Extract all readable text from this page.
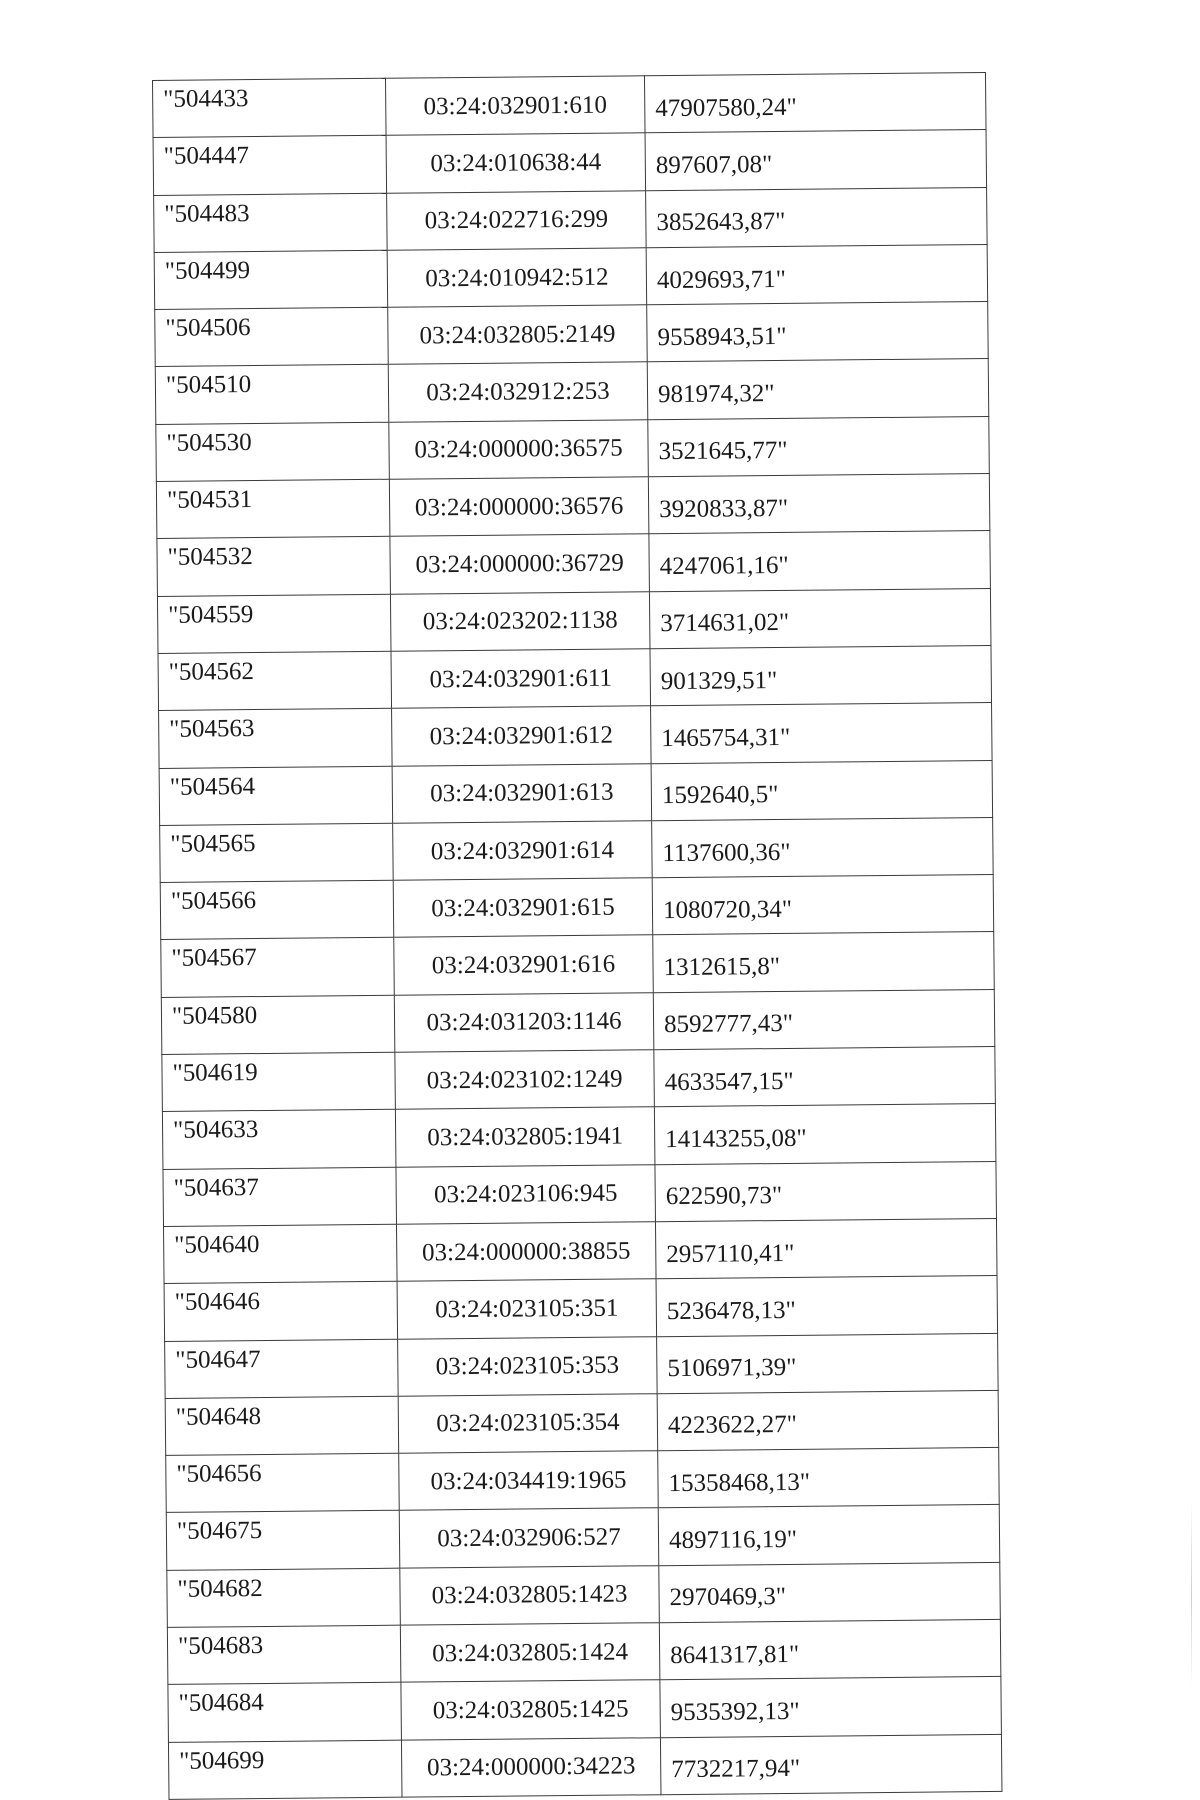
"504433	03:24:032901:610	47907580,24"
"504447	03:24:010638:44	897607,08"
"504483	03:24:022716:299	3852643,87"
"504499	03:24:010942:512	4029693,71"
"504506	03:24:032805:2149	9558943,51"
"504510	03:24:032912:253	981974,32"
"504530	03:24:000000:36575	3521645,77"
"504531	03:24:000000:36576	3920833,87"
"504532	03:24:000000:36729	4247061,16"
"504559	03:24:023202:1138	3714631,02"
"504562	03:24:032901:611	901329,51"
"504563	03:24:032901:612	1465754,31"
"504564	03:24:032901:613	1592640,5"
"504565	03:24:032901:614	1137600,36"
"504566	03:24:032901:615	1080720,34"
"504567	03:24:032901:616	1312615,8"
"504580	03:24:031203:1146	8592777,43"
"504619	03:24:023102:1249	4633547,15"
"504633	03:24:032805:1941	14143255,08"
"504637	03:24:023106:945	622590,73"
"504640	03:24:000000:38855	2957110,41"
"504646	03:24:023105:351	5236478,13"
"504647	03:24:023105:353	5106971,39"
"504648	03:24:023105:354	4223622,27"
"504656	03:24:034419:1965	15358468,13"
"504675	03:24:032906:527	4897116,19"
"504682	03:24:032805:1423	2970469,3"
"504683	03:24:032805:1424	8641317,81"
"504684	03:24:032805:1425	9535392,13"
"504699	03:24:000000:34223	7732217,94"
